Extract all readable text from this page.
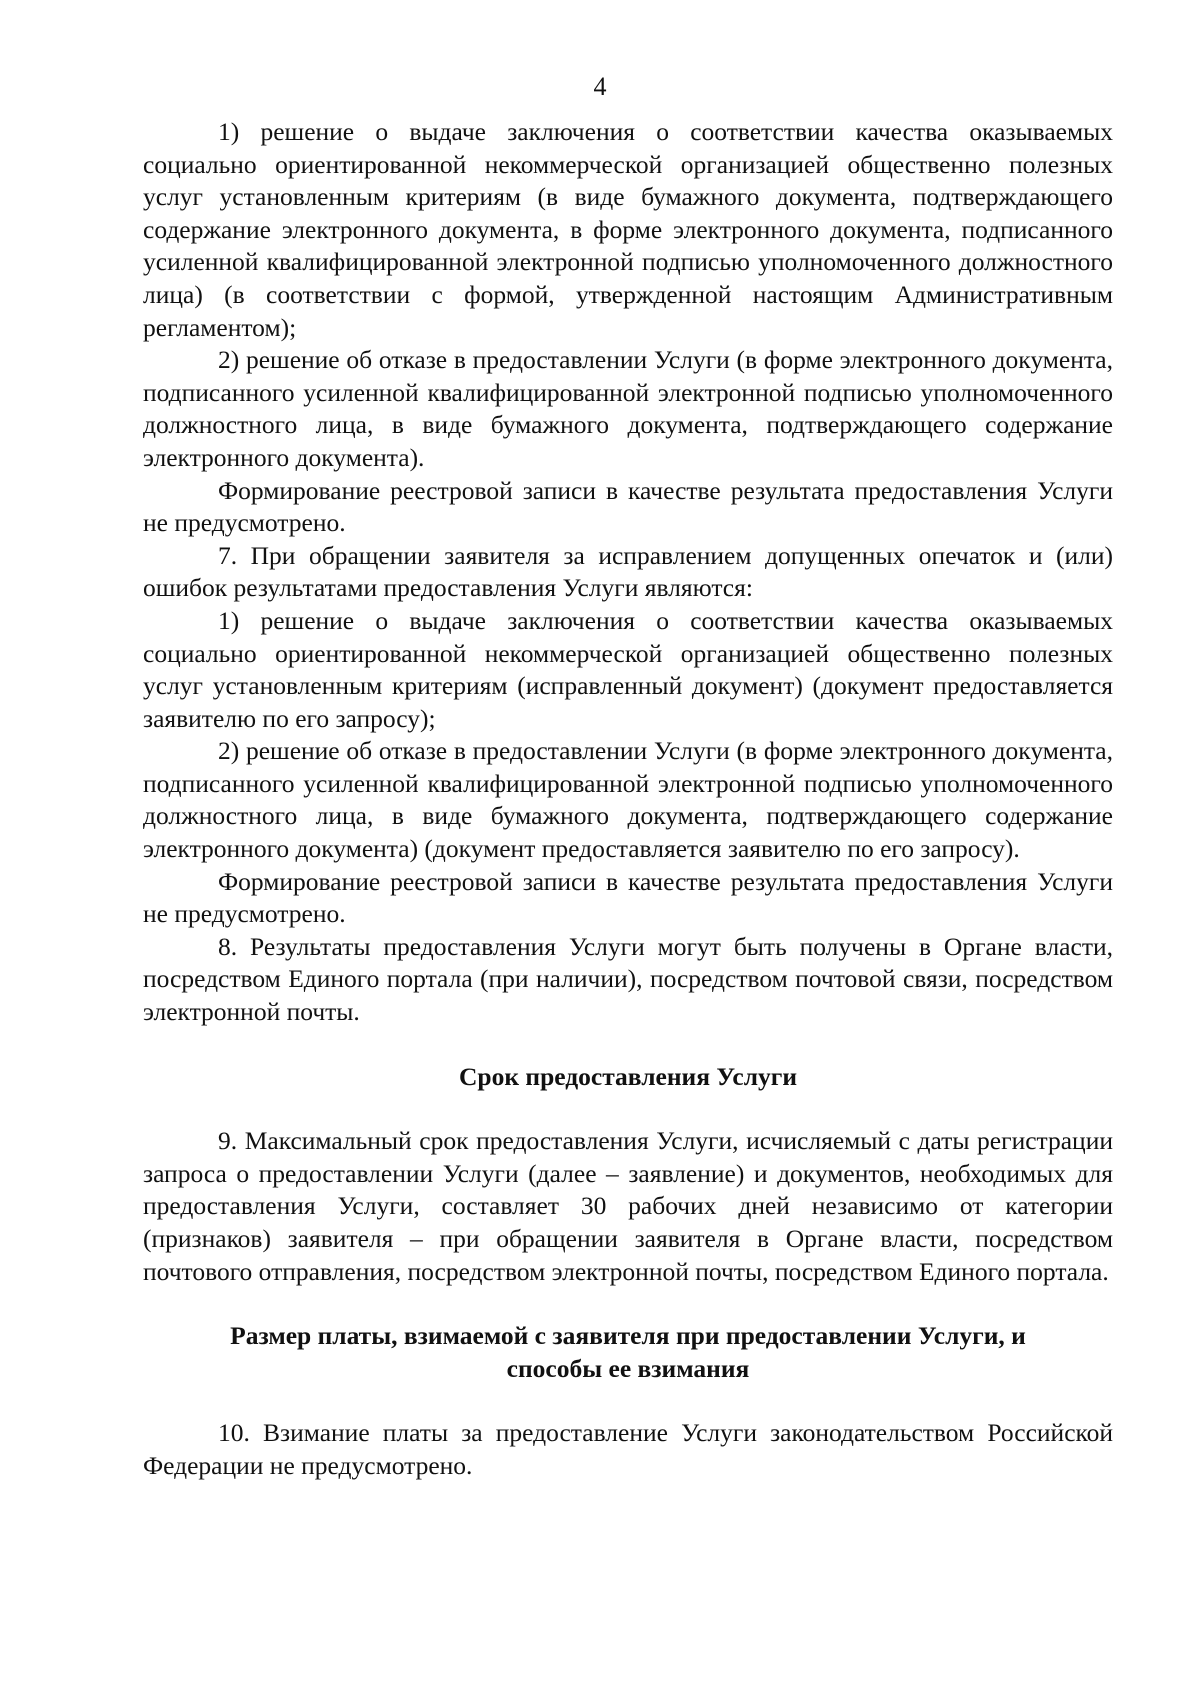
4

1) решение о выдаче заключения о соответствии качества оказываемых социально ориентированной некоммерческой организацией общественно полезных услуг установленным критериям (в виде бумажного документа, подтверждающего содержание электронного документа, в форме электронного документа, подписанного усиленной квалифицированной электронной подписью уполномоченного должностного лица) (в соответствии с формой, утвержденной настоящим Административным регламентом);

2) решение об отказе в предоставлении Услуги (в форме электронного документа, подписанного усиленной квалифицированной электронной подписью уполномоченного должностного лица, в виде бумажного документа, подтверждающего содержание электронного документа).

Формирование реестровой записи в качестве результата предоставления Услуги не предусмотрено.

7. При обращении заявителя за исправлением допущенных опечаток и (или) ошибок результатами предоставления Услуги являются:

1) решение о выдаче заключения о соответствии качества оказываемых социально ориентированной некоммерческой организацией общественно полезных услуг установленным критериям (исправленный документ) (документ предоставляется заявителю по его запросу);

2) решение об отказе в предоставлении Услуги (в форме электронного документа, подписанного усиленной квалифицированной электронной подписью уполномоченного должностного лица, в виде бумажного документа, подтверждающего содержание электронного документа) (документ предоставляется заявителю по его запросу).

Формирование реестровой записи в качестве результата предоставления Услуги не предусмотрено.

8. Результаты предоставления Услуги могут быть получены в Органе власти, посредством Единого портала (при наличии), посредством почтовой связи, посредством электронной почты.

Срок предоставления Услуги

9. Максимальный срок предоставления Услуги, исчисляемый с даты регистрации запроса о предоставлении Услуги (далее – заявление) и документов, необходимых для предоставления Услуги, составляет 30 рабочих дней независимо от категории (признаков) заявителя – при обращении заявителя в Органе власти, посредством почтового отправления, посредством электронной почты, посредством Единого портала.

Размер платы, взимаемой с заявителя при предоставлении Услуги, и

способы ее взимания

10. Взимание платы за предоставление Услуги законодательством Российской Федерации не предусмотрено.
